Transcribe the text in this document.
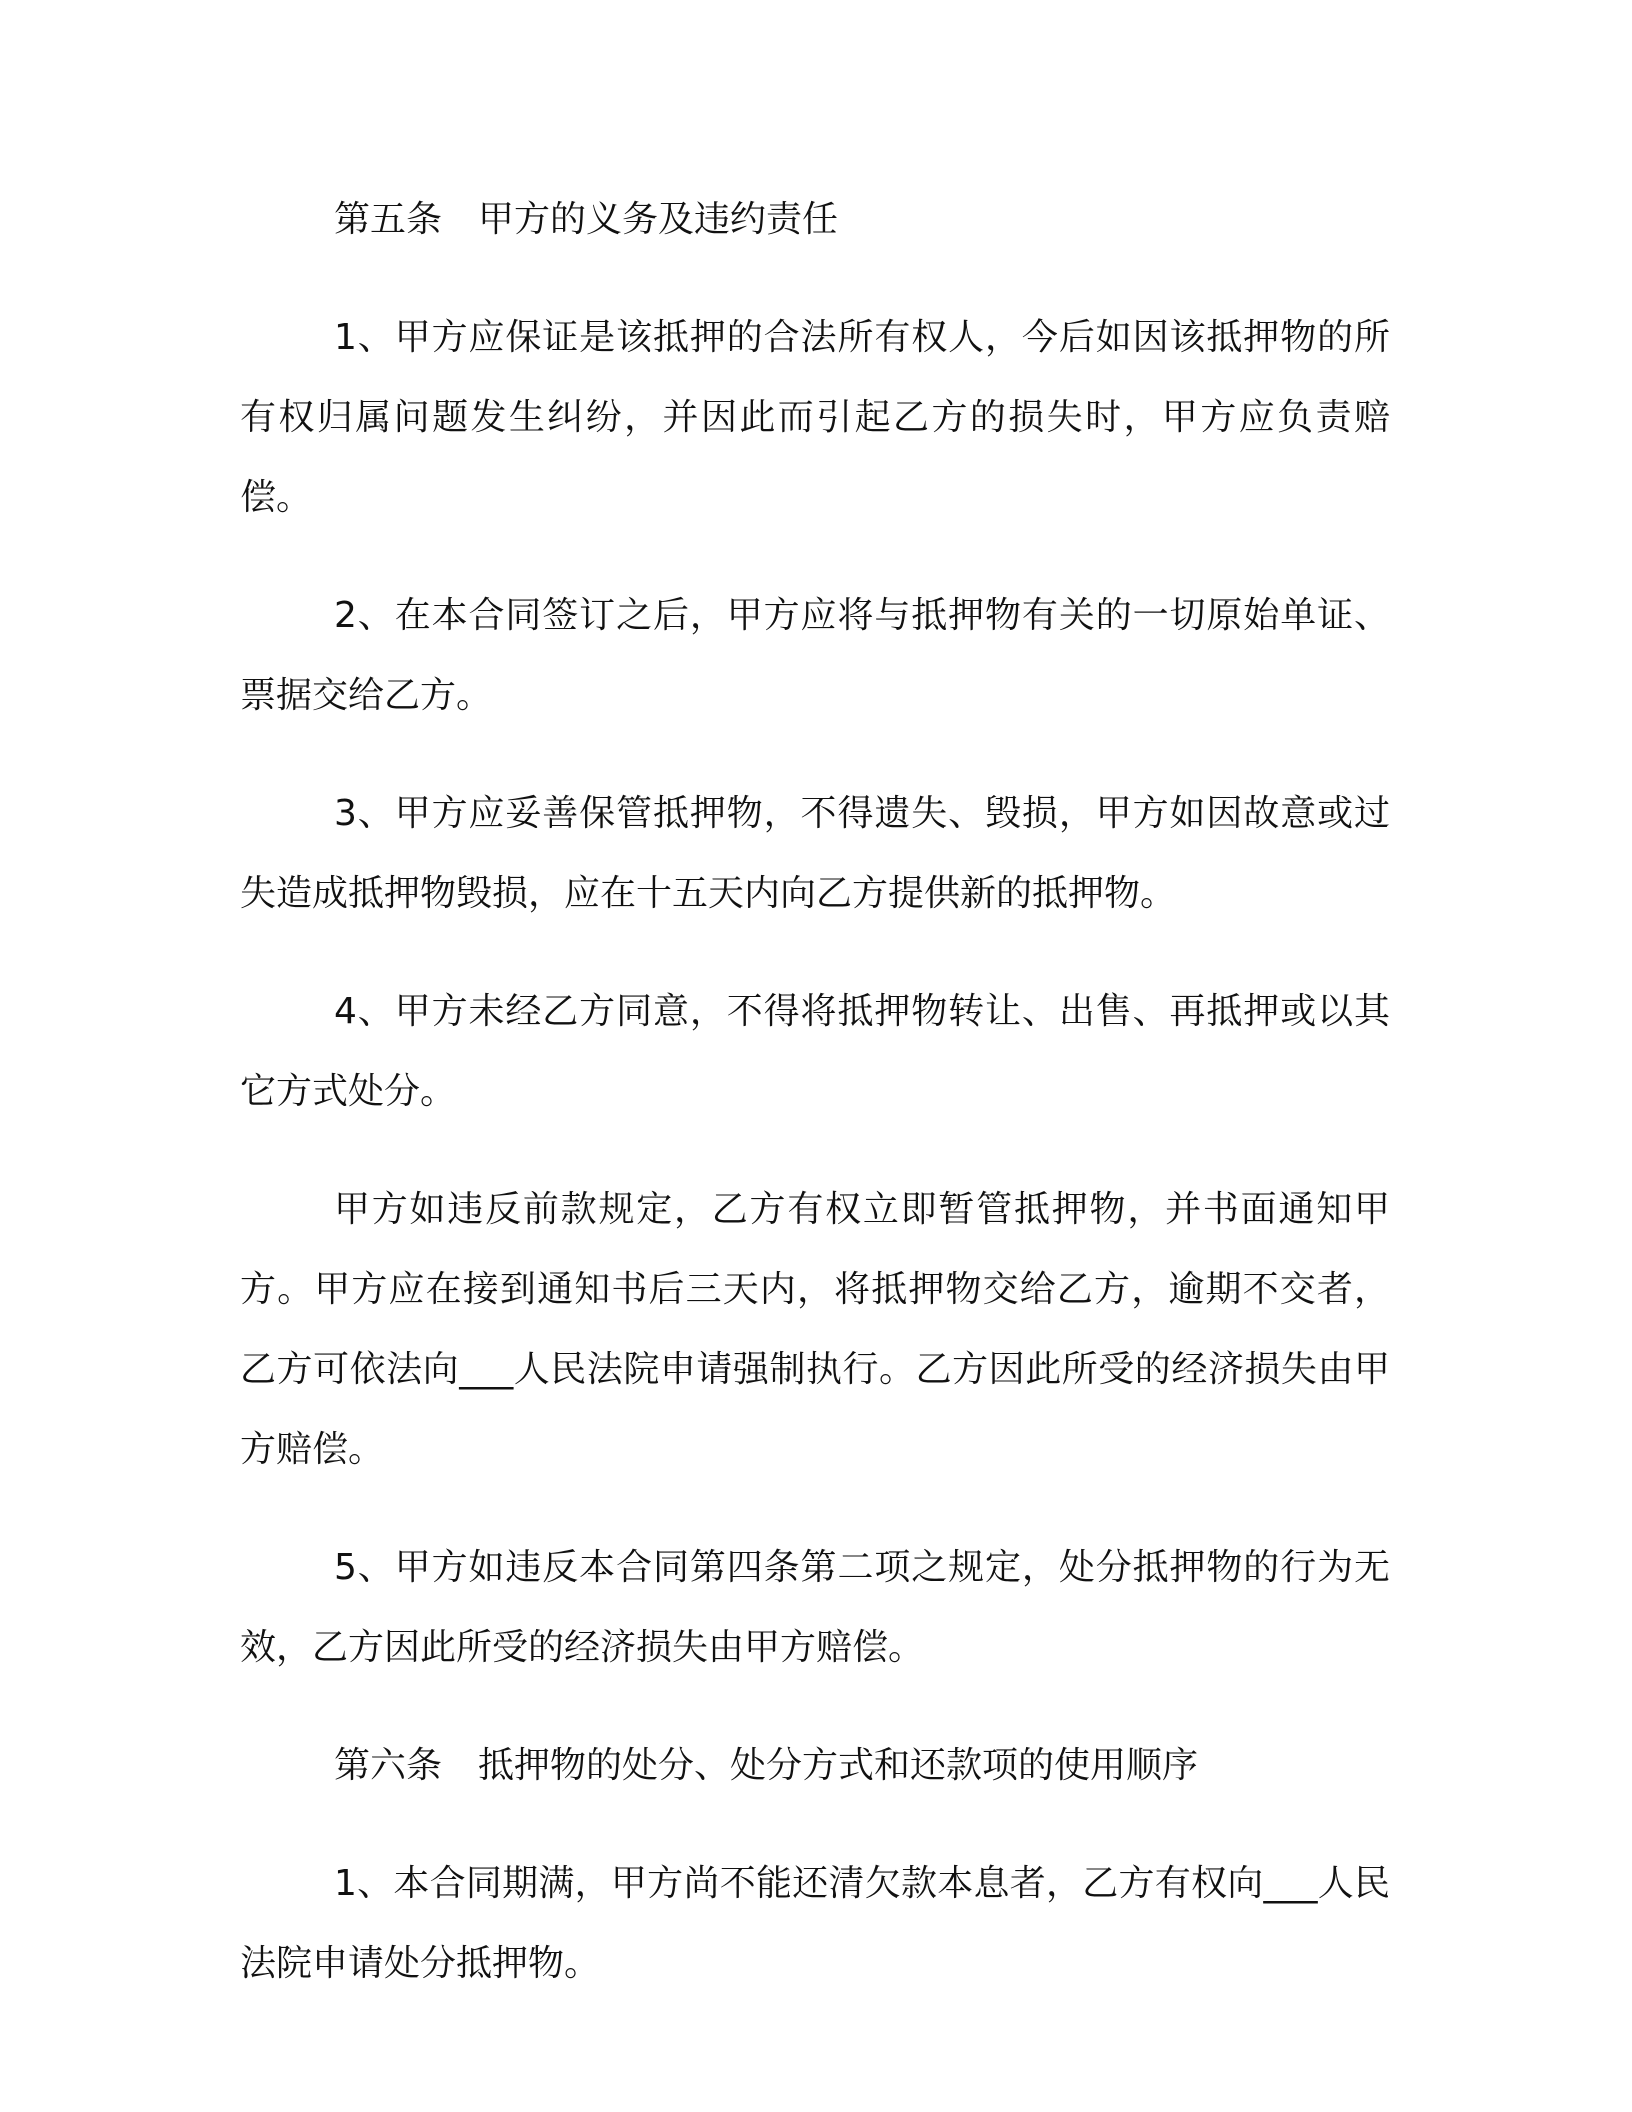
第五条　甲方的义务及违约责任

1、甲方应保证是该抵押的合法所有权人，今后如因该抵押物的所有权归属问题发生纠纷，并因此而引起乙方的损失时，甲方应负责赔偿。

2、在本合同签订之后，甲方应将与抵押物有关的一切原始单证、票据交给乙方。

3、甲方应妥善保管抵押物，不得遗失、毁损，甲方如因故意或过失造成抵押物毁损，应在十五天内向乙方提供新的抵押物。

4、甲方未经乙方同意，不得将抵押物转让、出售、再抵押或以其它方式处分。

甲方如违反前款规定，乙方有权立即暂管抵押物，并书面通知甲方。甲方应在接到通知书后三天内，将抵押物交给乙方，逾期不交者，乙方可依法向___人民法院申请强制执行。乙方因此所受的经济损失由甲方赔偿。

5、甲方如违反本合同第四条第二项之规定，处分抵押物的行为无效，乙方因此所受的经济损失由甲方赔偿。

第六条　抵押物的处分、处分方式和还款项的使用顺序

1、本合同期满，甲方尚不能还清欠款本息者，乙方有权向___人民法院申请处分抵押物。
